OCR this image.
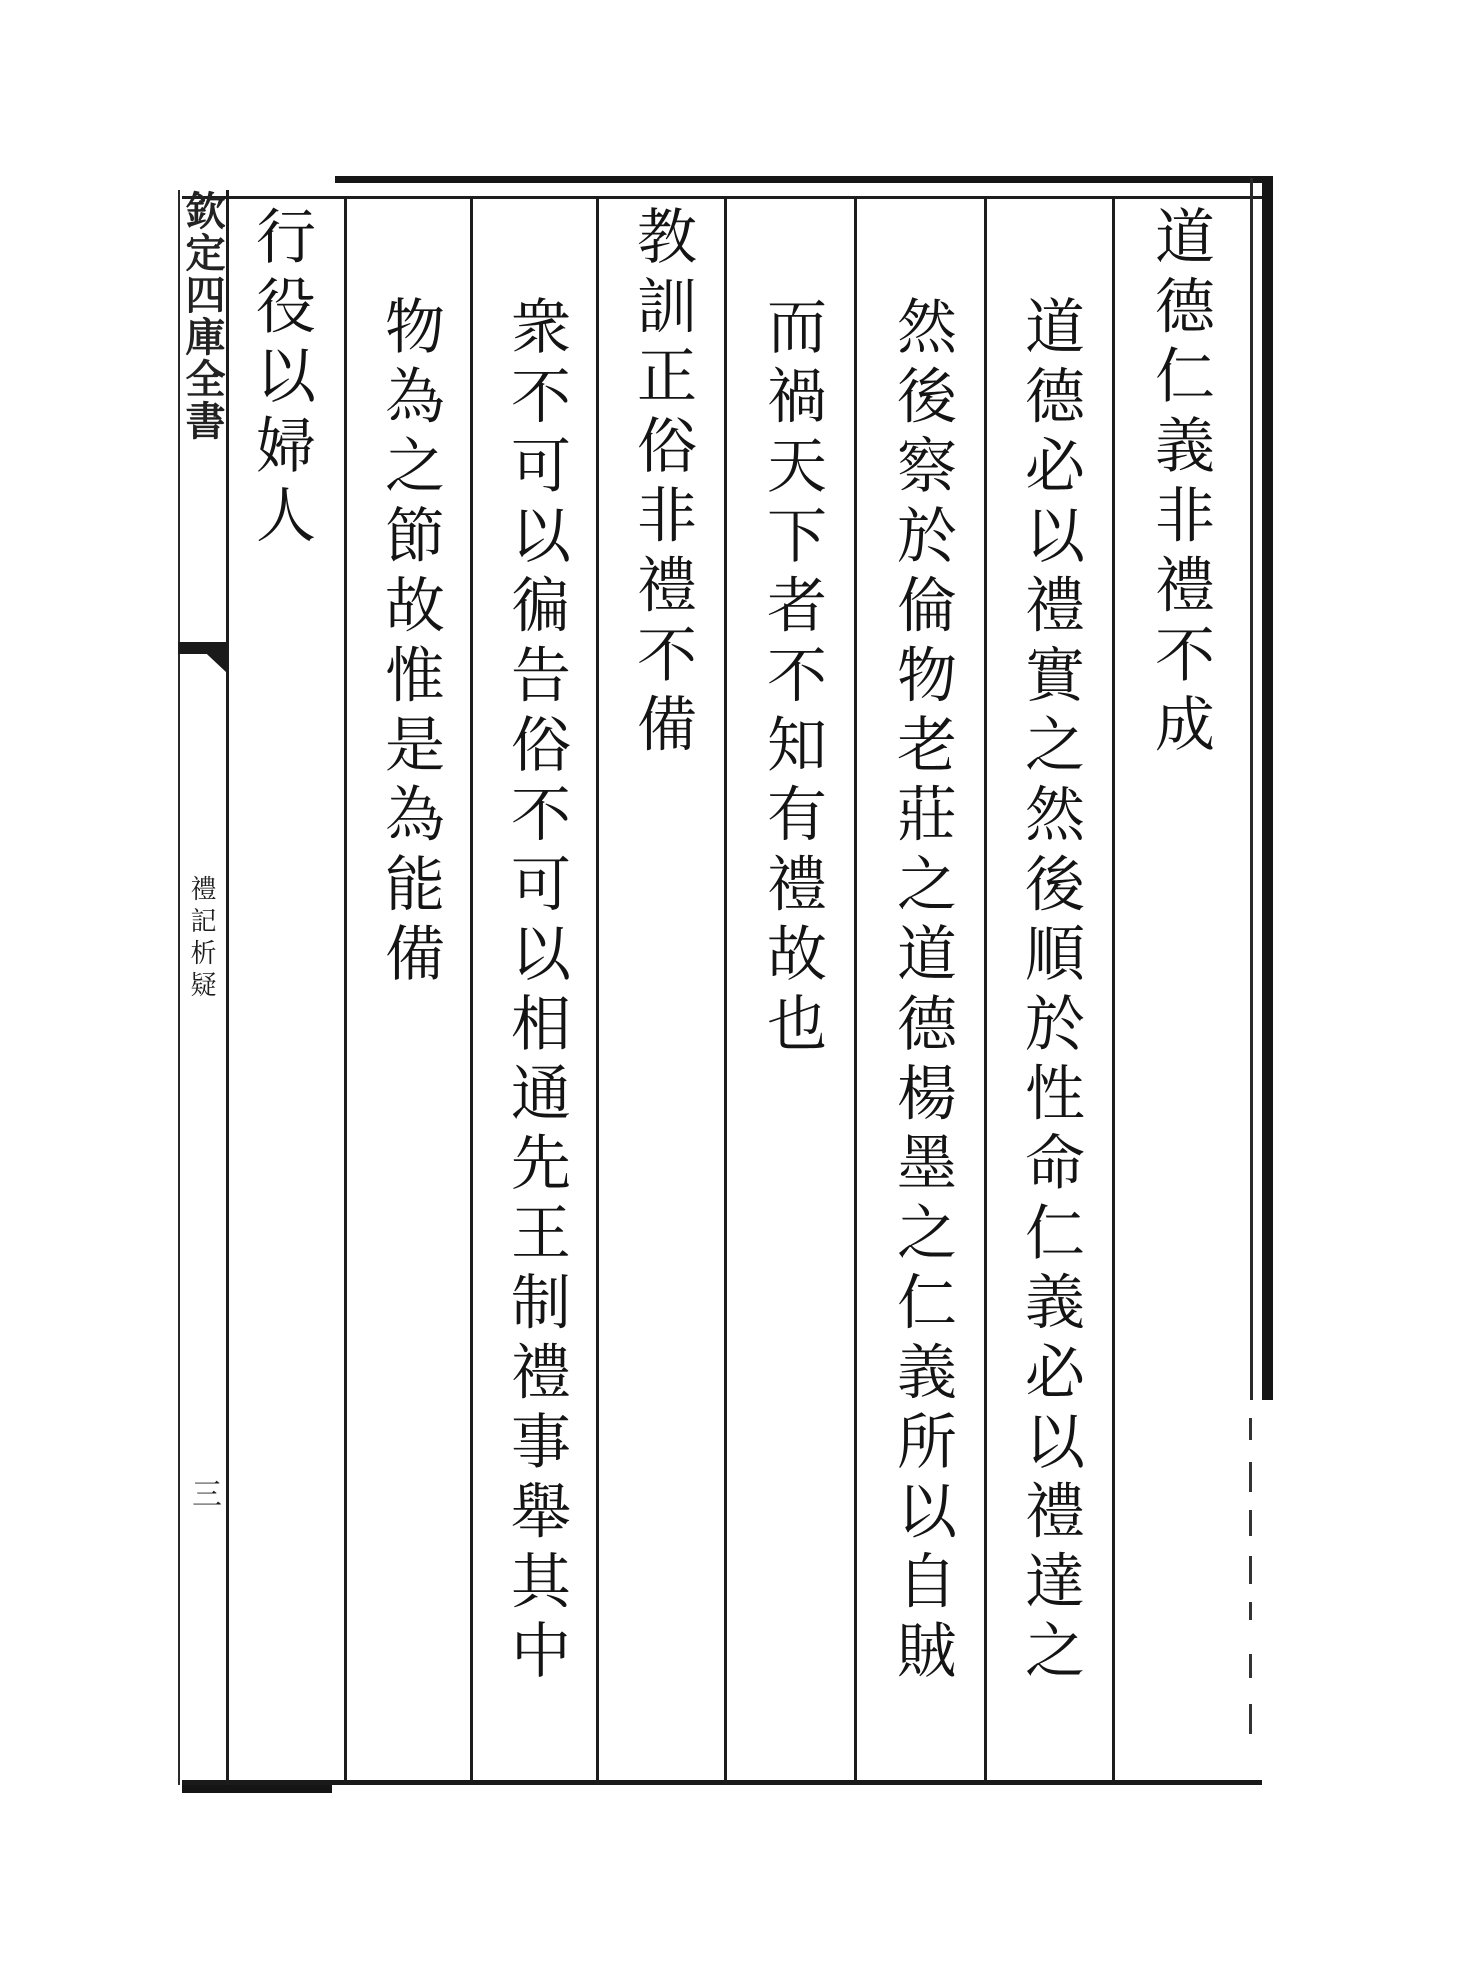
欽定四庫全書
禮記析疑
三
道德仁義非禮不成
道德必以禮實之然後順於性命仁義必以禮達之
然後察於倫物老莊之道德楊墨之仁義所以自賊
而禍天下者不知有禮故也
教訓正俗非禮不備
衆不可以徧告俗不可以相通先王制禮事舉其中
物為之節故惟是為能備
行役以婦人
